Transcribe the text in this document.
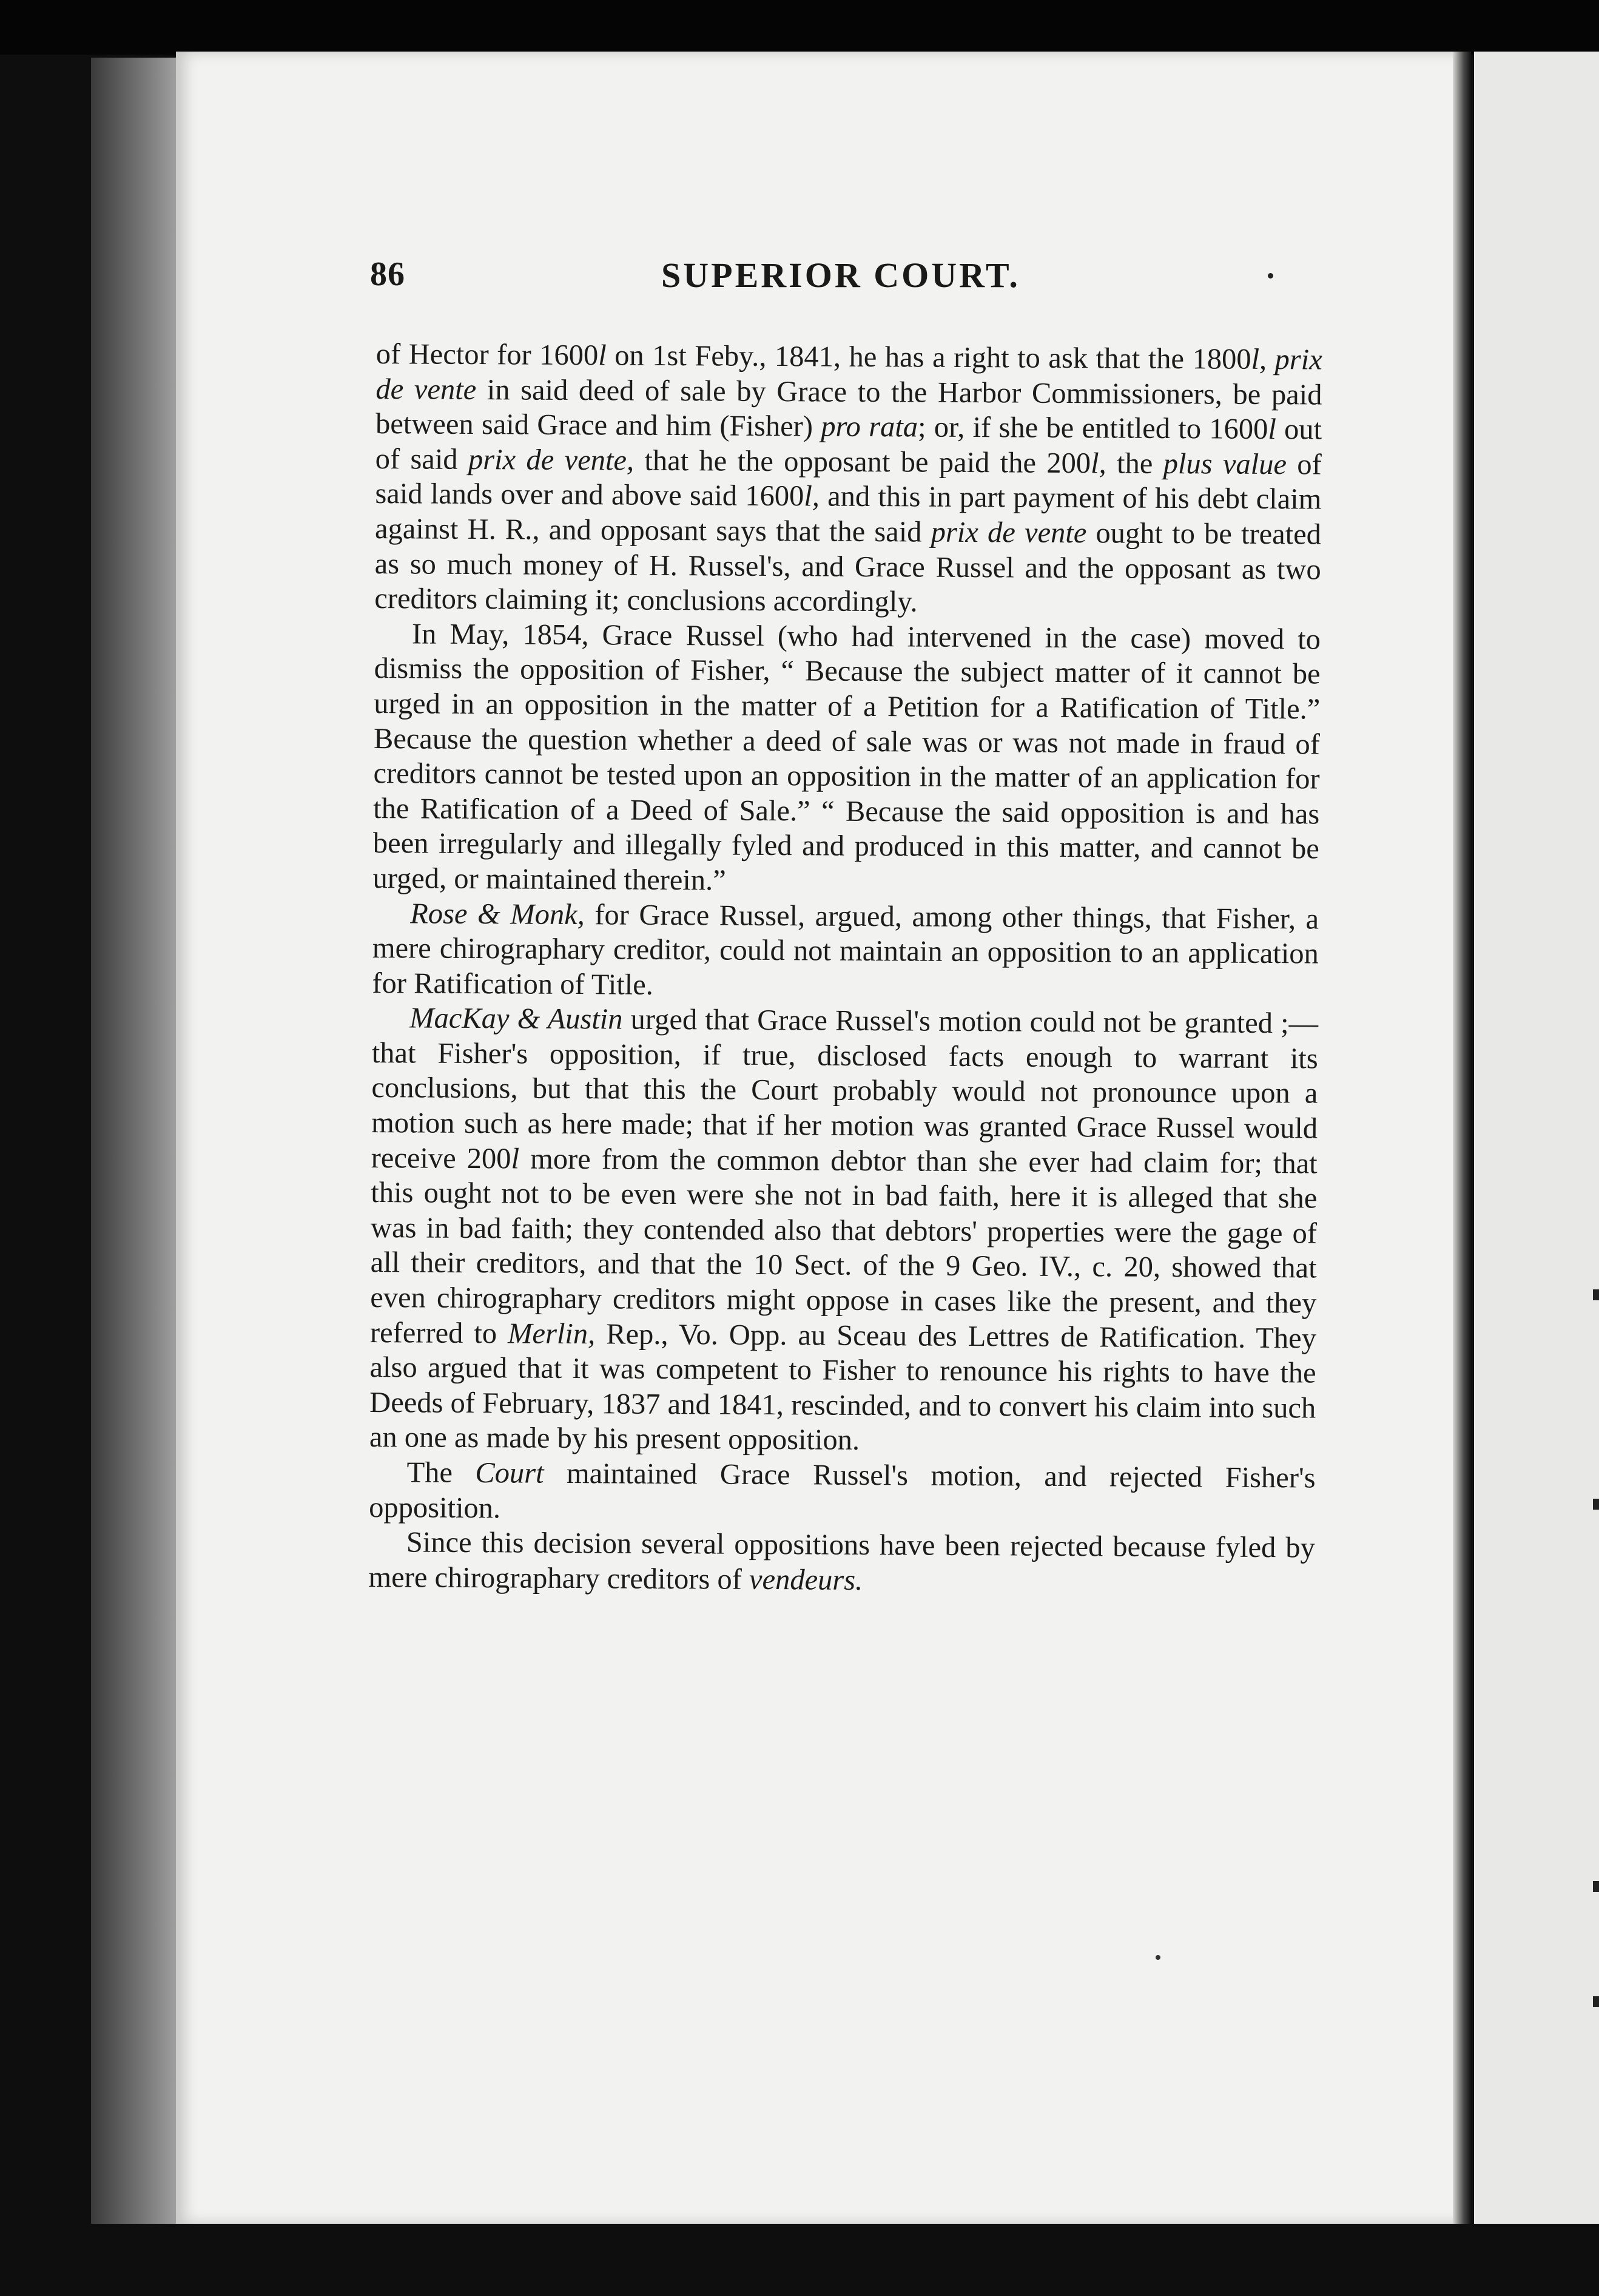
86	SUPERIOR COURT.

of Hector for 1600l on 1st Feby., 1841, he has a right to ask that the 1800l, prix de vente in said deed of sale by Grace to the Harbor Commissioners, be paid between said Grace and him (Fisher) pro rata; or, if she be entitled to 1600l out of said prix de vente, that he the opposant be paid the 200l, the plus value of said lands over and above said 1600l, and this in part payment of his debt claim against H. R., and opposant says that the said prix de vente ought to be treated as so much money of H. Russel's, and Grace Russel and the opposant as two creditors claiming it; conclusions accordingly.

In May, 1854, Grace Russel (who had intervened in the case) moved to dismiss the opposition of Fisher, “ Because the subject matter of it cannot be urged in an opposition in the matter of a Petition for a Ratification of Title.” Because the question whether a deed of sale was or was not made in fraud of creditors cannot be tested upon an opposition in the matter of an application for the Ratification of a Deed of Sale.” “ Because the said opposition is and has been irregularly and illegally fyled and produced in this matter, and cannot be urged, or maintained therein.”

Rose & Monk, for Grace Russel, argued, among other things, that Fisher, a mere chirographary creditor, could not maintain an opposition to an application for Ratification of Title.

MacKay & Austin urged that Grace Russel's motion could not be granted ;—that Fisher's opposition, if true, disclosed facts enough to warrant its conclusions, but that this the Court probably would not pronounce upon a motion such as here made; that if her motion was granted Grace Russel would receive 200l more from the common debtor than she ever had claim for; that this ought not to be even were she not in bad faith, here it is alleged that she was in bad faith; they contended also that debtors' properties were the gage of all their creditors, and that the 10 Sect. of the 9 Geo. IV., c. 20, showed that even chirographary creditors might oppose in cases like the present, and they referred to Merlin, Rep., Vo. Opp. au Sceau des Lettres de Ratification. They also argued that it was competent to Fisher to renounce his rights to have the Deeds of February, 1837 and 1841, rescinded, and to convert his claim into such an one as made by his present opposition.

The Court maintained Grace Russel's motion, and rejected Fisher's opposition.

Since this decision several oppositions have been rejected because fyled by mere chirographary creditors of vendeurs.
